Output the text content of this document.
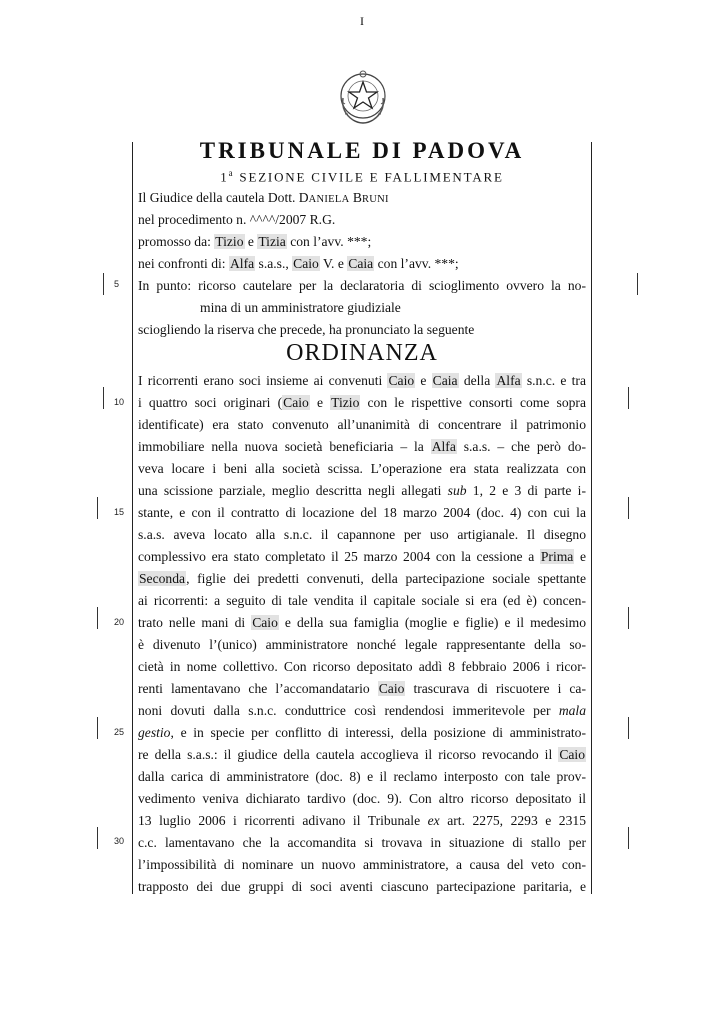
I
5
10
15
20
25
30
TRIBUNALE DI PADOVA
1$^a$ SEZIONE CIVILE E FALLIMENTARE
Il Giudice della cautela Dott. DANIELA BRUNI
nel procedimento n. ^^^^/2007 R.G.
promosso da: Tizio e Tizia con l’avv. ***;
nei confronti di: Alfa s.a.s., Caio V. e Caia con l’avv. ***;
In punto: ricorso cautelare per la declaratoria di scioglimento ovvero la no-
mina di un amministratore giudiziale
sciogliendo la riserva che precede, ha pronunciato la seguente
ORDINANZA
I ricorrenti erano soci insieme ai convenuti Caio e Caia della Alfa s.n.c. e tra
i quattro soci originari (Caio e Tizio con le rispettive consorti come sopra
identificate) era stato convenuto all’unanimità di concentrare il patrimonio
immobiliare nella nuova società beneficiaria – la Alfa s.a.s. – che però do-
veva locare i beni alla società scissa. L’operazione era stata realizzata con
una scissione parziale, meglio descritta negli allegati sub 1, 2 e 3 di parte i-
stante, e con il contratto di locazione del 18 marzo 2004 (doc. 4) con cui la
s.a.s. aveva locato alla s.n.c. il capannone per uso artigianale. Il disegno
complessivo era stato completato il 25 marzo 2004 con la cessione a Prima e
Seconda, figlie dei predetti convenuti, della partecipazione sociale spettante
ai ricorrenti: a seguito di tale vendita il capitale sociale si era (ed è) concen-
trato nelle mani di Caio e della sua famiglia (moglie e figlie) e il medesimo
è divenuto l’(unico) amministratore nonché legale rappresentante della so-
cietà in nome collettivo. Con ricorso depositato addì 8 febbraio 2006 i ricor-
renti lamentavano che l’accomandatario Caio trascurava di riscuotere i ca-
noni dovuti dalla s.n.c. conduttrice così rendendosi immeritevole per mala
gestio, e in specie per conflitto di interessi, della posizione di amministrato-
re della s.a.s.: il giudice della cautela accoglieva il ricorso revocando il Caio
dalla carica di amministratore (doc. 8) e il reclamo interposto con tale prov-
vedimento veniva dichiarato tardivo (doc. 9). Con altro ricorso depositato il
13 luglio 2006 i ricorrenti adivano il Tribunale ex art. 2275, 2293 e 2315
c.c. lamentavano che la accomandita si trovava in situazione di stallo per
l’impossibilità di nominare un nuovo amministratore, a causa del veto con-
trapposto dei due gruppi di soci aventi ciascuno partecipazione paritaria, e
